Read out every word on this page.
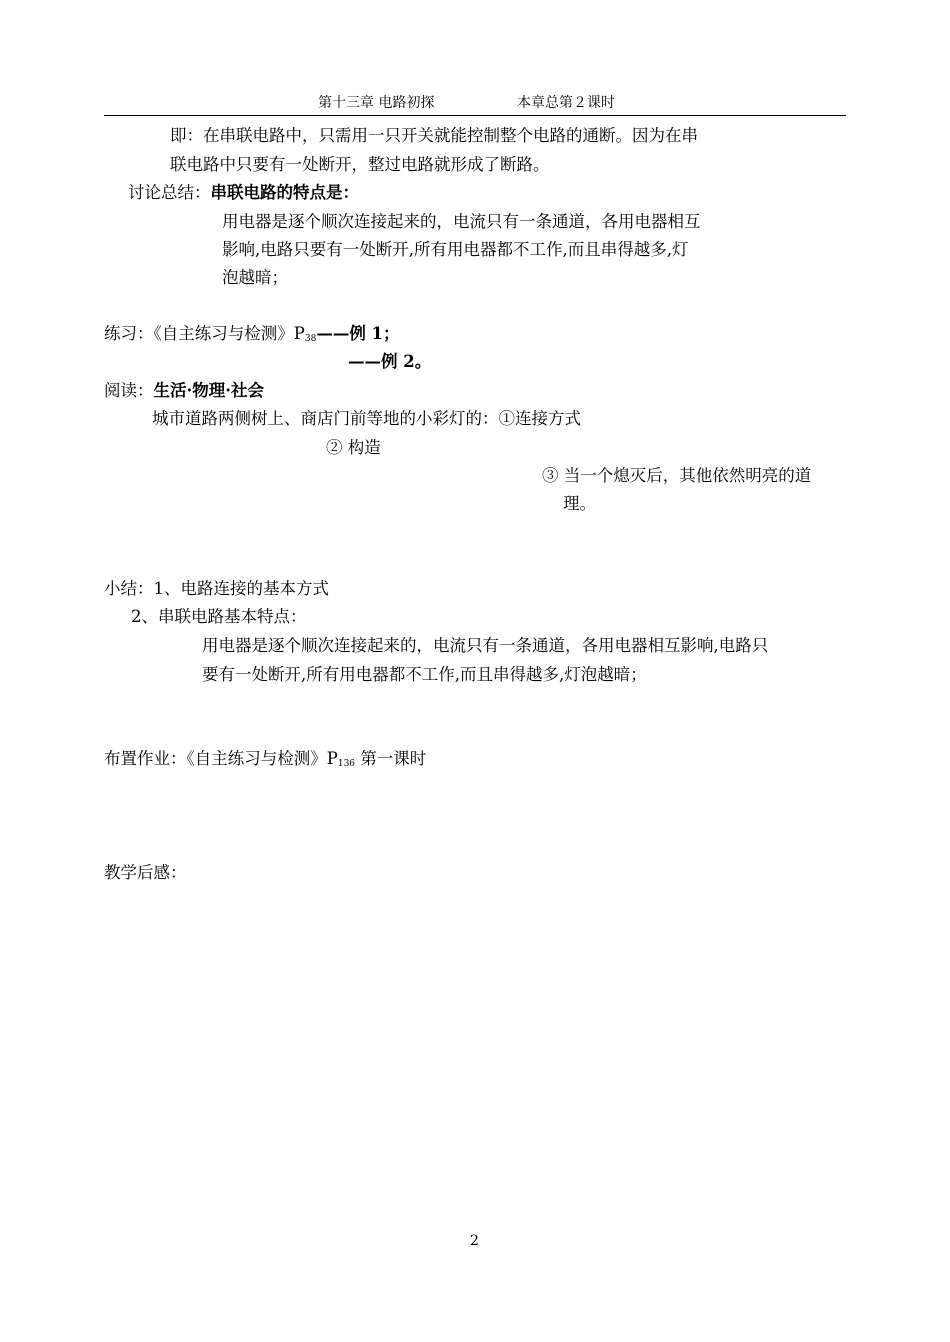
第十三章 电路初探	本章总第２课时
即：在串联电路中，只需用一只开关就能控制整个电路的通断。因为在串
联电路中只要有一处断开，整过电路就形成了断路。
讨论总结：串联电路的特点是：
用电器是逐个顺次连接起来的，电流只有一条通道，各用电器相互
影响,电路只要有一处断开,所有用电器都不工作,而且串得越多,灯
泡越暗；
练习：《自主练习与检测》$P_{38}——$例 1；
——例 2。
阅读：生活·物理·社会
城市道路两侧树上、商店门前等地的小彩灯的：①连接方式
② 构造
③ 当一个熄灭后，其他依然明亮的道
理。
小结：1、电路连接的基本方式
2、串联电路基本特点：
用电器是逐个顺次连接起来的，电流只有一条通道，各用电器相互影响,电路只
要有一处断开,所有用电器都不工作,而且串得越多,灯泡越暗；
布置作业：《自主练习与检测》$P_{136}$ 第一课时
教学后感：
2
